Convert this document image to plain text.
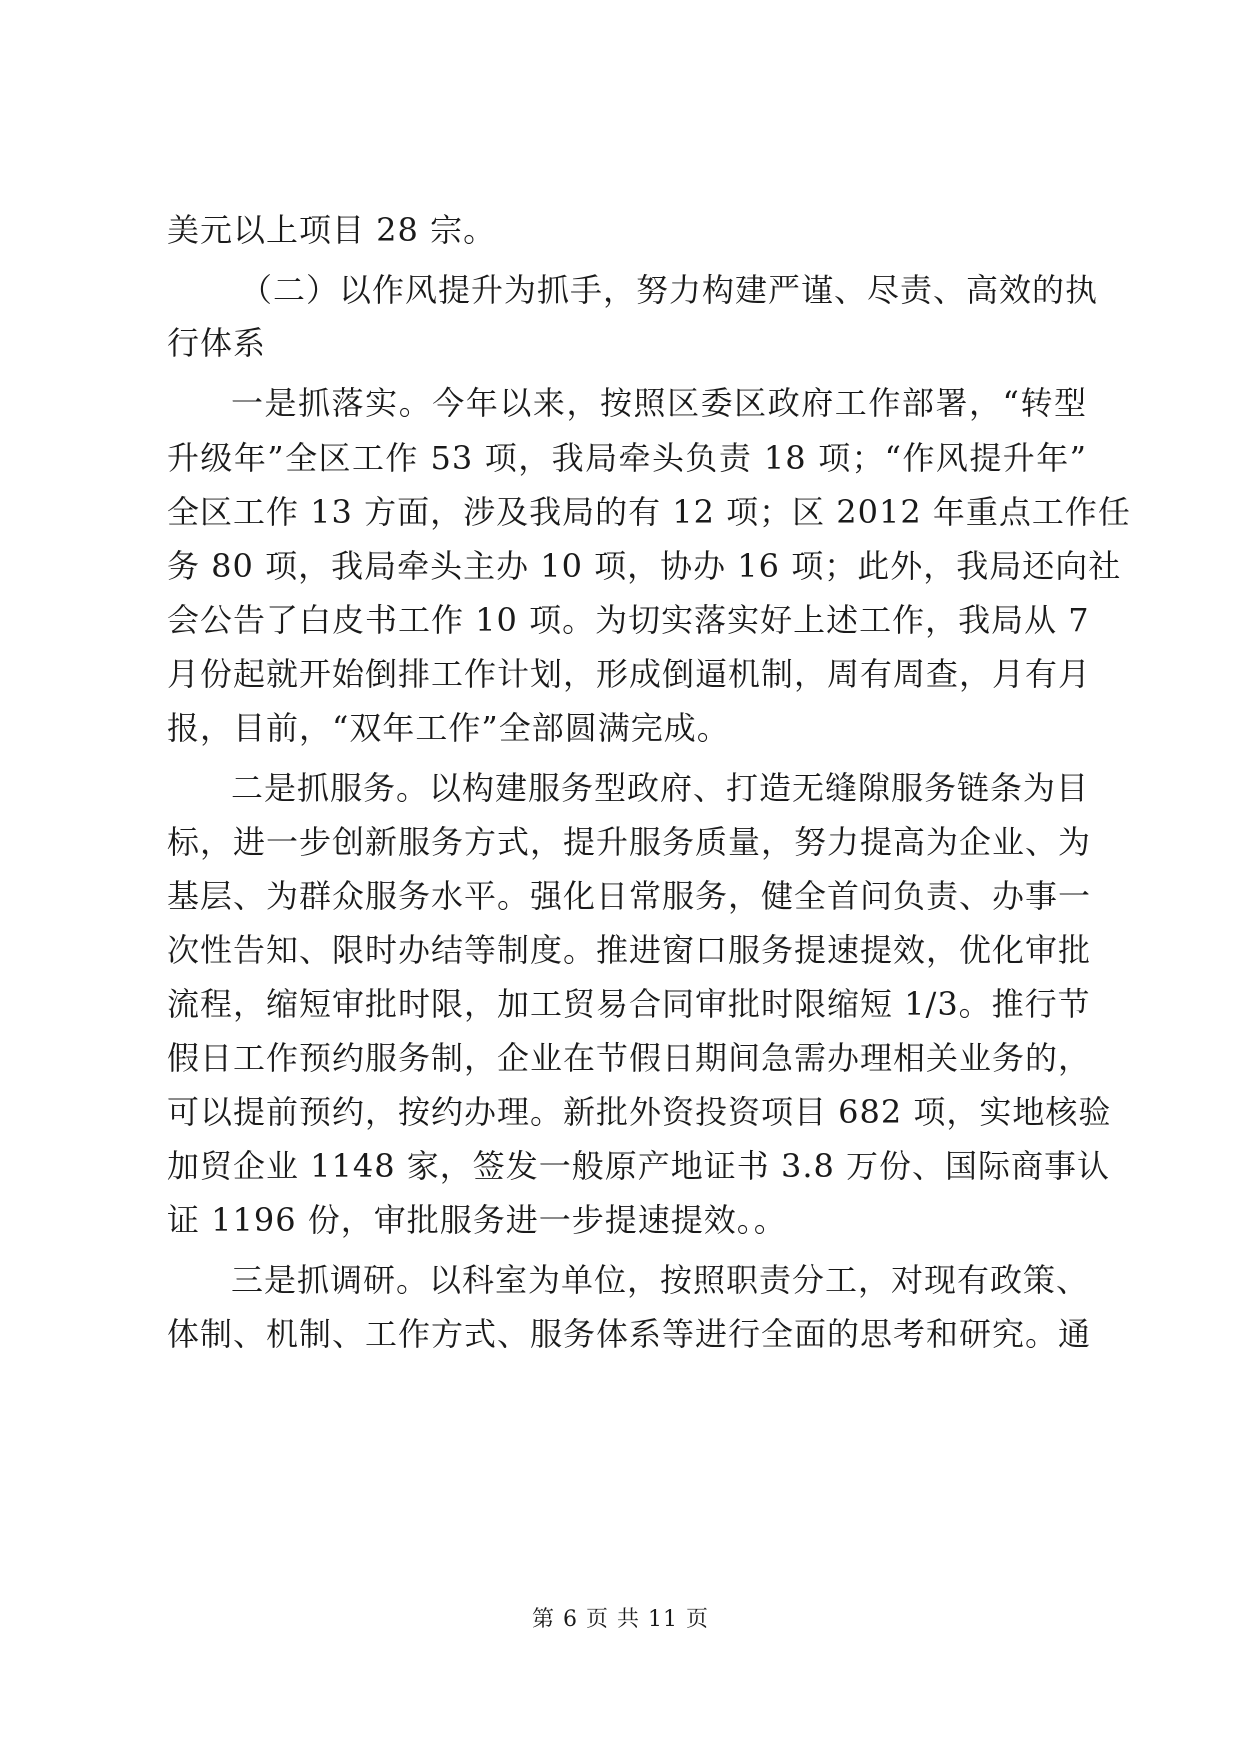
美元以上项目 28 宗。

（二）以作风提升为抓手，努力构建严谨、尽责、高效的执

行体系

一是抓落实。今年以来，按照区委区政府工作部署，“转型

升级年”全区工作 53 项，我局牵头负责 18 项；“作风提升年”

全区工作 13 方面，涉及我局的有 12 项；区 2012 年重点工作任

务 80 项，我局牵头主办 10 项，协办 16 项；此外，我局还向社

会公告了白皮书工作 10 项。为切实落实好上述工作，我局从 7

月份起就开始倒排工作计划，形成倒逼机制，周有周查，月有月

报，目前，“双年工作”全部圆满完成。

二是抓服务。以构建服务型政府、打造无缝隙服务链条为目

标，进一步创新服务方式，提升服务质量，努力提高为企业、为

基层、为群众服务水平。强化日常服务，健全首问负责、办事一

次性告知、限时办结等制度。推进窗口服务提速提效，优化审批

流程，缩短审批时限，加工贸易合同审批时限缩短 1/3。推行节

假日工作预约服务制，企业在节假日期间急需办理相关业务的，

可以提前预约，按约办理。新批外资投资项目 682 项，实地核验

加贸企业 1148 家，签发一般原产地证书 3.8 万份、国际商事认

证 1196 份，审批服务进一步提速提效。。

三是抓调研。以科室为单位，按照职责分工，对现有政策、

体制、机制、工作方式、服务体系等进行全面的思考和研究。通

第 6 页 共 11 页
